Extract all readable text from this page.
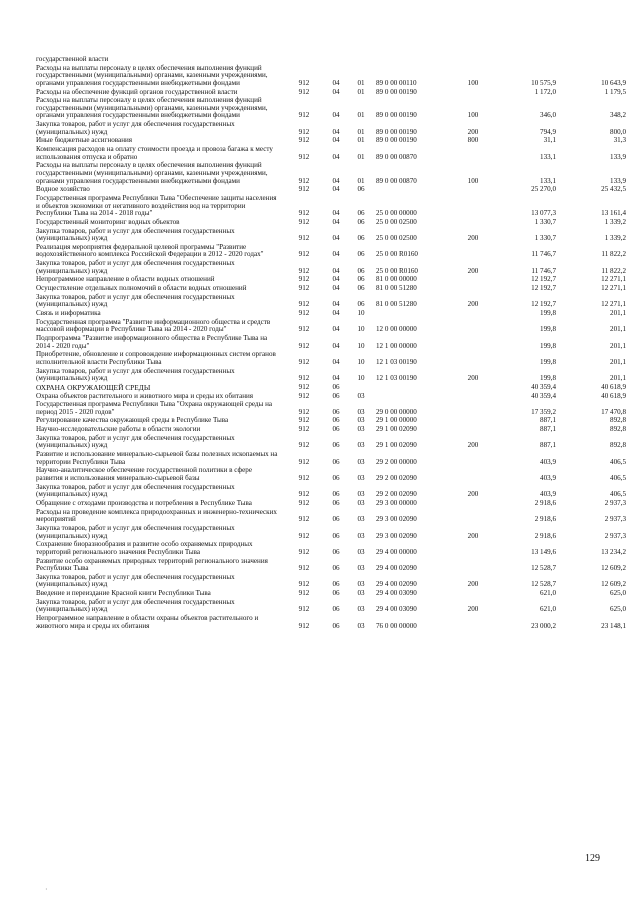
государственной власти							
Расходы на выплаты персоналу в целях обеспечения выполнения функций государственными (муниципальными) органами, казенными учреждениями, органами управления государственными внебюджетными фондами	912	04	01	89 0 00 00110	100	10 575,9	10 643,9
Расходы на обеспечение функций органов государственной власти	912	04	01	89 0 00 00190		1 172,0	1 179,5
Расходы на выплаты персоналу в целях обеспечения выполнения функций государственными (муниципальными) органами, казенными учреждениями, органами управления государственными внебюджетными фондами	912	04	01	89 0 00 00190	100	346,0	348,2
Закупка товаров, работ и услуг для обеспечения государственных (муниципальных) нужд	912	04	01	89 0 00 00190	200	794,9	800,0
Иные бюджетные ассигнования	912	04	01	89 0 00 00190	800	31,1	31,3
Компенсация расходов на оплату стоимости проезда и провоза багажа к месту использования отпуска и обратно	912	04	01	89 0 00 00870		133,1	133,9
Расходы на выплаты персоналу в целях обеспечения выполнения функций государственными (муниципальными) органами, казенными учреждениями, органами управления государственными внебюджетными фондами	912	04	01	89 0 00 00870	100	133,1	133,9
Водное хозяйство	912	04	06			25 270,0	25 432,5
Государственная программа Республики Тыва "Обеспечение защиты населения и объектов экономики от негативного воздействия вод на территории Республики Тыва на 2014 - 2018 годы"	912	04	06	25 0 00 00000		13 077,3	13 161,4
Государственный мониторинг водных объектов	912	04	06	25 0 00 02500		1 330,7	1 339,2
Закупка товаров, работ и услуг для обеспечения государственных (муниципальных) нужд	912	04	06	25 0 00 02500	200	1 330,7	1 339,2
Реализация мероприятия федеральной целевой программы "Развитие водохозяйственного комплекса Российской Федерации в 2012 - 2020 годах"	912	04	06	25 0 00 R0160		11 746,7	11 822,2
Закупка товаров, работ и услуг для обеспечения государственных (муниципальных) нужд	912	04	06	25 0 00 R0160	200	11 746,7	11 822,2
Непрограммное направление в области водных отношений	912	04	06	81 0 00 00000		12 192,7	12 271,1
Осуществление отдельных полномочий в области водных отношений	912	04	06	81 0 00 51280		12 192,7	12 271,1
Закупка товаров, работ и услуг для обеспечения государственных (муниципальных) нужд	912	04	06	81 0 00 51280	200	12 192,7	12 271,1
Связь и информатика	912	04	10			199,8	201,1
Государственная программа "Развитие информационного общества и средств массовой информации в Республике Тыва на 2014 - 2020 годы"	912	04	10	12 0 00 00000		199,8	201,1
Подпрограмма "Развитие информационного общества в Республике Тыва на 2014 - 2020 годы"	912	04	10	12 1 00 00000		199,8	201,1
Приобретение, обновление и сопровождение информационных систем органов исполнительной власти Республики Тыва	912	04	10	12 1 03 00190		199,8	201,1
Закупка товаров, работ и услуг для обеспечения государственных (муниципальных) нужд	912	04	10	12 1 03 00190	200	199,8	201,1
ОХРАНА ОКРУЖАЮЩЕЙ СРЕДЫ	912	06				40 359,4	40 618,9
Охрана объектов растительного и животного мира и среды их обитания	912	06	03			40 359,4	40 618,9
Государственная программа Республики Тыва "Охрана окружающей среды на период 2015 - 2020 годов"	912	06	03	29 0 00 00000		17 359,2	17 470,8
Регулирование качества окружающей среды в Республике Тыва	912	06	03	29 1 00 00000		887,1	892,8
Научно-исследовательские работы в области экологии	912	06	03	29 1 00 02090		887,1	892,8
Закупка товаров, работ и услуг для обеспечения государственных (муниципальных) нужд	912	06	03	29 1 00 02090	200	887,1	892,8
Развитие и использование минерально-сырьевой базы полезных ископаемых на территории Республики Тыва	912	06	03	29 2 00 00000		403,9	406,5
Научно-аналитическое обеспечение государственной политики в сфере развития и использования минерально-сырьевой базы	912	06	03	29 2 00 02090		403,9	406,5
Закупка товаров, работ и услуг для обеспечения государственных (муниципальных) нужд	912	06	03	29 2 00 02090	200	403,9	406,5
Обращение с отходами производства и потребления в Республике Тыва	912	06	03	29 3 00 00000		2 918,6	2 937,3
Расходы на проведение комплекса природоохранных и инженерно-технических мероприятий	912	06	03	29 3 00 02090		2 918,6	2 937,3
Закупка товаров, работ и услуг для обеспечения государственных (муниципальных) нужд	912	06	03	29 3 00 02090	200	2 918,6	2 937,3
Сохранение биоразнообразия и развитие особо охраняемых природных территорий регионального значения Республики Тыва	912	06	03	29 4 00 00000		13 149,6	13 234,2
Развитие особо охраняемых природных территорий регионального значения Республики Тыва	912	06	03	29 4 00 02090		12 528,7	12 609,2
Закупка товаров, работ и услуг для обеспечения государственных (муниципальных) нужд	912	06	03	29 4 00 02090	200	12 528,7	12 609,2
Введение и переиздание Красной книги Республики Тыва	912	06	03	29 4 00 03090		621,0	625,0
Закупка товаров, работ и услуг для обеспечения государственных (муниципальных) нужд	912	06	03	29 4 00 03090	200	621,0	625,0
Непрограммное направление в области охраны объектов растительного и животного мира и среды их обитания	912	06	03	76 0 00 00000		23 000,2	23 148,1
129
·
